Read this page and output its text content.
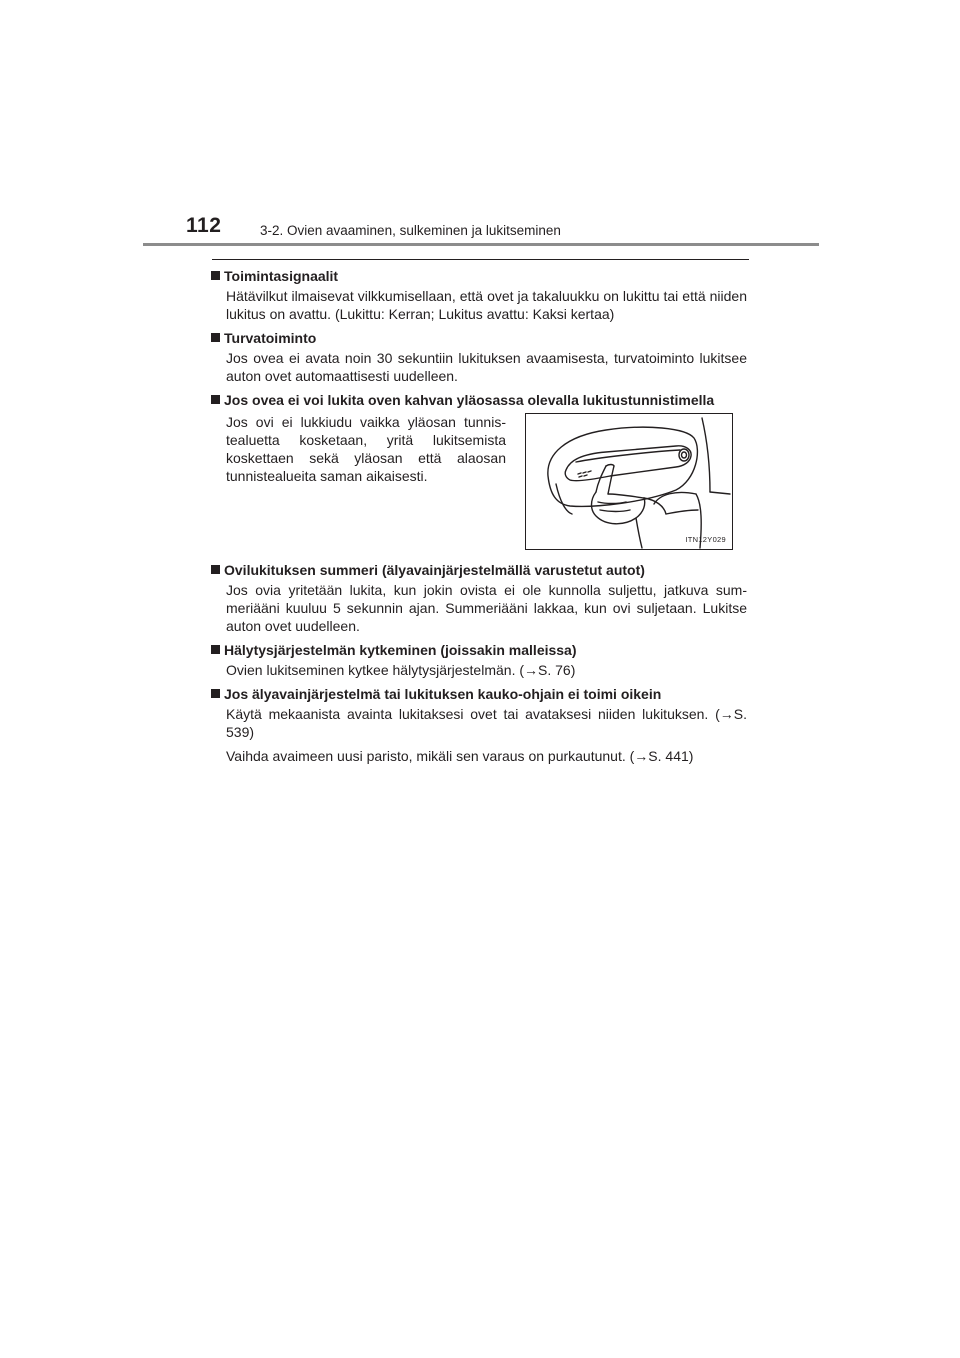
112	3-2. Ovien avaaminen, sulkeminen ja lukitseminen

Toimintasignaalit

Hätävilkut ilmaisevat vilkkumisellaan, että ovet ja takaluukku on lukittu tai että niiden lukitus on avattu. (Lukittu: Kerran; Lukitus avattu: Kaksi kertaa)

Turvatoiminto

Jos ovea ei avata noin 30 sekuntiin lukituksen avaamisesta, turvatoiminto lukitsee auton ovet automaattisesti uudelleen.

Jos ovea ei voi lukita oven kahvan yläosassa olevalla lukitustunnistimella

Jos ovi ei lukkiudu vaikka yläosan tunnis-tealuetta kosketaan, yritä lukitsemista koskettaen sekä yläosan että alaosan tunnistealueita saman aikaisesti.

ITN12Y029

Ovilukituksen summeri (älyavainjärjestelmällä varustetut autot)

Jos ovia yritetään lukita, kun jokin ovista ei ole kunnolla suljettu, jatkuva sum-meriääni kuuluu 5 sekunnin ajan. Summeriääni lakkaa, kun ovi suljetaan. Lukitse auton ovet uudelleen.

Hälytysjärjestelmän kytkeminen (joissakin malleissa)

Ovien lukitseminen kytkee hälytysjärjestelmän. (→S. 76)

Jos älyavainjärjestelmä tai lukituksen kauko-ohjain ei toimi oikein

Käytä mekaanista avainta lukitaksesi ovet tai avataksesi niiden lukituksen. (→S. 539)

Vaihda avaimeen uusi paristo, mikäli sen varaus on purkautunut. (→S. 441)
